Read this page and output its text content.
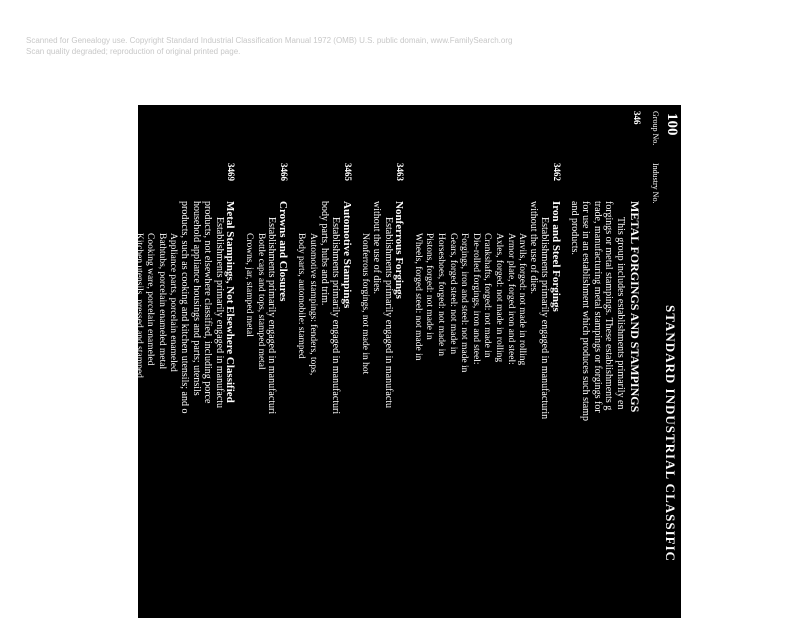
Scanned for Genealogy use. Copyright Standard Industrial Classification Manual 1972 (OMB) U.S. public domain, www.FamilySearch.org
Scan quality degraded; reproduction of original printed page.
100
STANDARD INDUSTRIAL CLASSIFIC
Group No.
Industry No.
346
METAL FORGINGS AND STAMPINGS
This group includes establishments primarily en
forgings or metal stampings. These establishments g
trade, manufacturing metal stampings or forgings for
for use in an establishment which produces such stamp
and products.
3462
Iron and Steel Forgings
Establishments primarily engaged in manufacturin
without the use of dies.
Anvils, forged: not made in rolling
Armor plate, forged iron and steel:
Axles, forged: not made in rolling
Crankshafts, forged: not made in
Die-rolled forgings, iron and steel:
Forgings, iron and steel: not made in
Gears, forged steel: not made in
Horseshoes, forged: not made in
Pistons, forged: not made in
Wheels, forged steel: not made in
3463
Nonferrous Forgings
Establishments primarily engaged in manufactu
without the use of dies.
Nonferrous forgings, not made in hot
3465
Automotive Stampings
Establishments primarily engaged in manufacturi
body parts, hubs and trim.
Automotive stampings: fenders, tops,
Body parts, automobile: stamped
3466
Crowns and Closures
Establishments primarily engaged in manufacturi
Bottle caps and tops, stamped metal
Crowns, jar, stamped metal
3469
Metal Stampings, Not Elsewhere Classified
Establishments primarily engaged in manufactu
products, not elsewhere classified, including porce
household appliance housings and parts; utensils
products, such as cooking and kitchen utensils; and o
Appliance parts, porcelain enameled
Bathtubs, porcelain enameled metal
Cooking ware, porcelain enameled
Kitchen utensils, pressed and stamped
Machine parts, stamped or pressed metal
Porcelain enameled products and utensils
Stamping metal for the trade
Utensils, household: stamped metal
Cooking ware: stamped metal
Cooking ware, porcelain enameled
